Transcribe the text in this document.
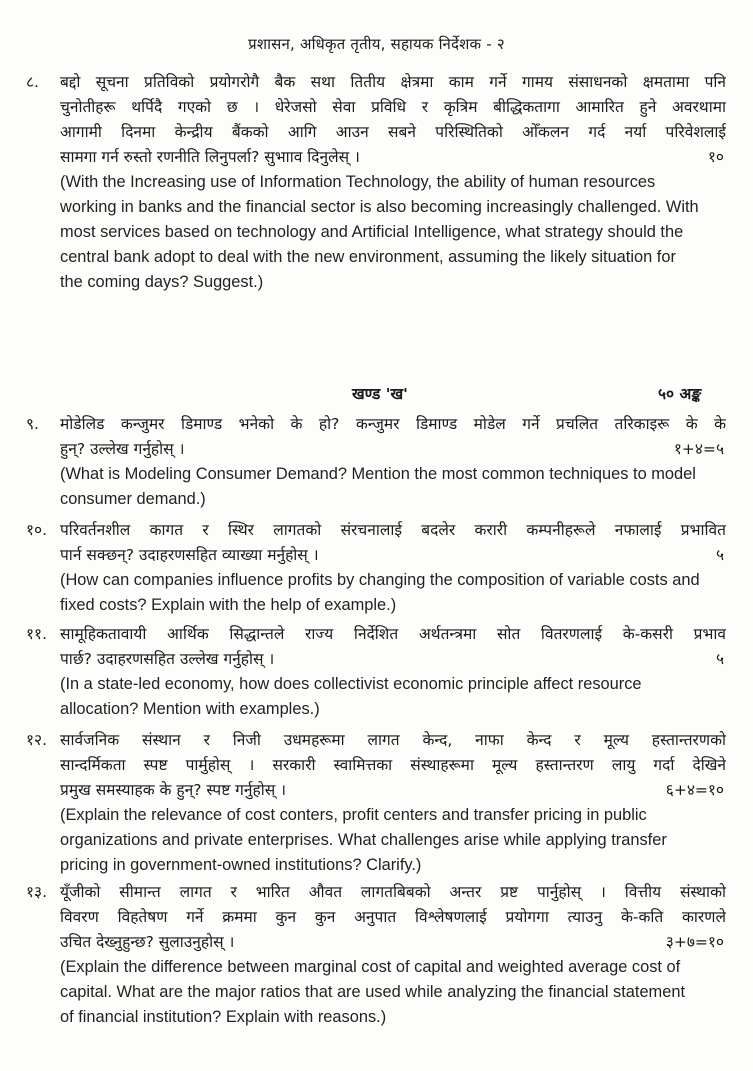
प्रशासन, अधिकृत तृतीय, सहायक निर्देशक - २
खण्ड 'ख'	५० अङ्क
८.	बद्दो सूचना प्रतिविको प्रयोगरोगै बैक सथा तितीय क्षेत्रमा काम गर्ने गामय संसाधनको क्षमतामा पनि
चुनोतीहरू थर्पिदै गएको छ । धेरेजसो सेवा प्रविधि र कृत्रिम बीद्धिकतागा आमारित हुने अवरथामा
आगामी दिनमा केन्द्रीय बैंकको आगि आउन सबने परिस्थितिको ओँकलन गर्द नर्या परिवेशलाई
सामगा गर्न रुस्तो रणनीति लिनुपर्ला? सुभााव दिनुलेस् ।	१०
(With the Increasing use of Information Technology, the ability of human resources
working in banks and the financial sector is also becoming increasingly challenged. With
most services based on technology and Artificial Intelligence, what strategy should the
central bank adopt to deal with the new environment, assuming the likely situation for
the coming days? Suggest.)
९.	मोडेलिड कन्जुमर डिमाण्ड भनेको के हो? कन्जुमर डिमाण्ड मोडेल गर्ने प्रचलित तरिकाइरू के के
हुन्? उल्लेख गर्नुहोस् ।	१+४=५
(What is Modeling Consumer Demand? Mention the most common techniques to model
consumer demand.)
१०. परिवर्तनशील कागत र स्थिर लागतको संरचनालाई बदलेर करारी कम्पनीहरूले नफालाई प्रभावित
पार्न सक्छन्? उदाहरणसहित व्याख्या मर्नुहोस् ।	५
(How can companies influence profits by changing the composition of variable costs and
fixed costs? Explain with the help of example.)
११. सामूहिकतावायी आर्थिक सिद्धान्तले राज्य निर्देशित अर्थतन्त्रमा सोत वितरणलाई के-कसरी प्रभाव
पार्छ? उदाहरणसहित उल्लेख गर्नुहोस् ।	५
(In a state-led economy, how does collectivist economic principle affect resource
allocation? Mention with examples.)
१२. सार्वजनिक संस्थान र निजी उधमहरूमा लागत केन्द, नाफा केन्द र मूल्य हस्तान्तरणको
सान्दर्मिकता स्पष्ट पार्मुहोस् । सरकारी स्वामित्तका संस्थाहरूमा मूल्य हस्तान्तरण लायु गर्दा देखिने
प्रमुख समस्याहक के हुन्? स्पष्ट गर्नुहोस् ।	६+४=१०
(Explain the relevance of cost conters, profit centers and transfer pricing in public
organizations and private enterprises. What challenges arise while applying transfer
pricing in government-owned institutions? Clarify.)
१३. यूँजीको सीमान्त लागत र भारित औवत लागतबिबको अन्तर प्रष्ट पार्नुहोस् । वित्तीय संस्थाको
विवरण विहतेषण गर्ने क्रममा कुन कुन अनुपात विश्लेषणलाई प्रयोगगा त्याउनु के-कति कारणले
उचित देख्नुहुन्छ? सुलाउनुहोस् ।	३+७=१०
(Explain the difference between marginal cost of capital and weighted average cost of
capital. What are the major ratios that are used while analyzing the financial statement
of financial institution? Explain with reasons.)
